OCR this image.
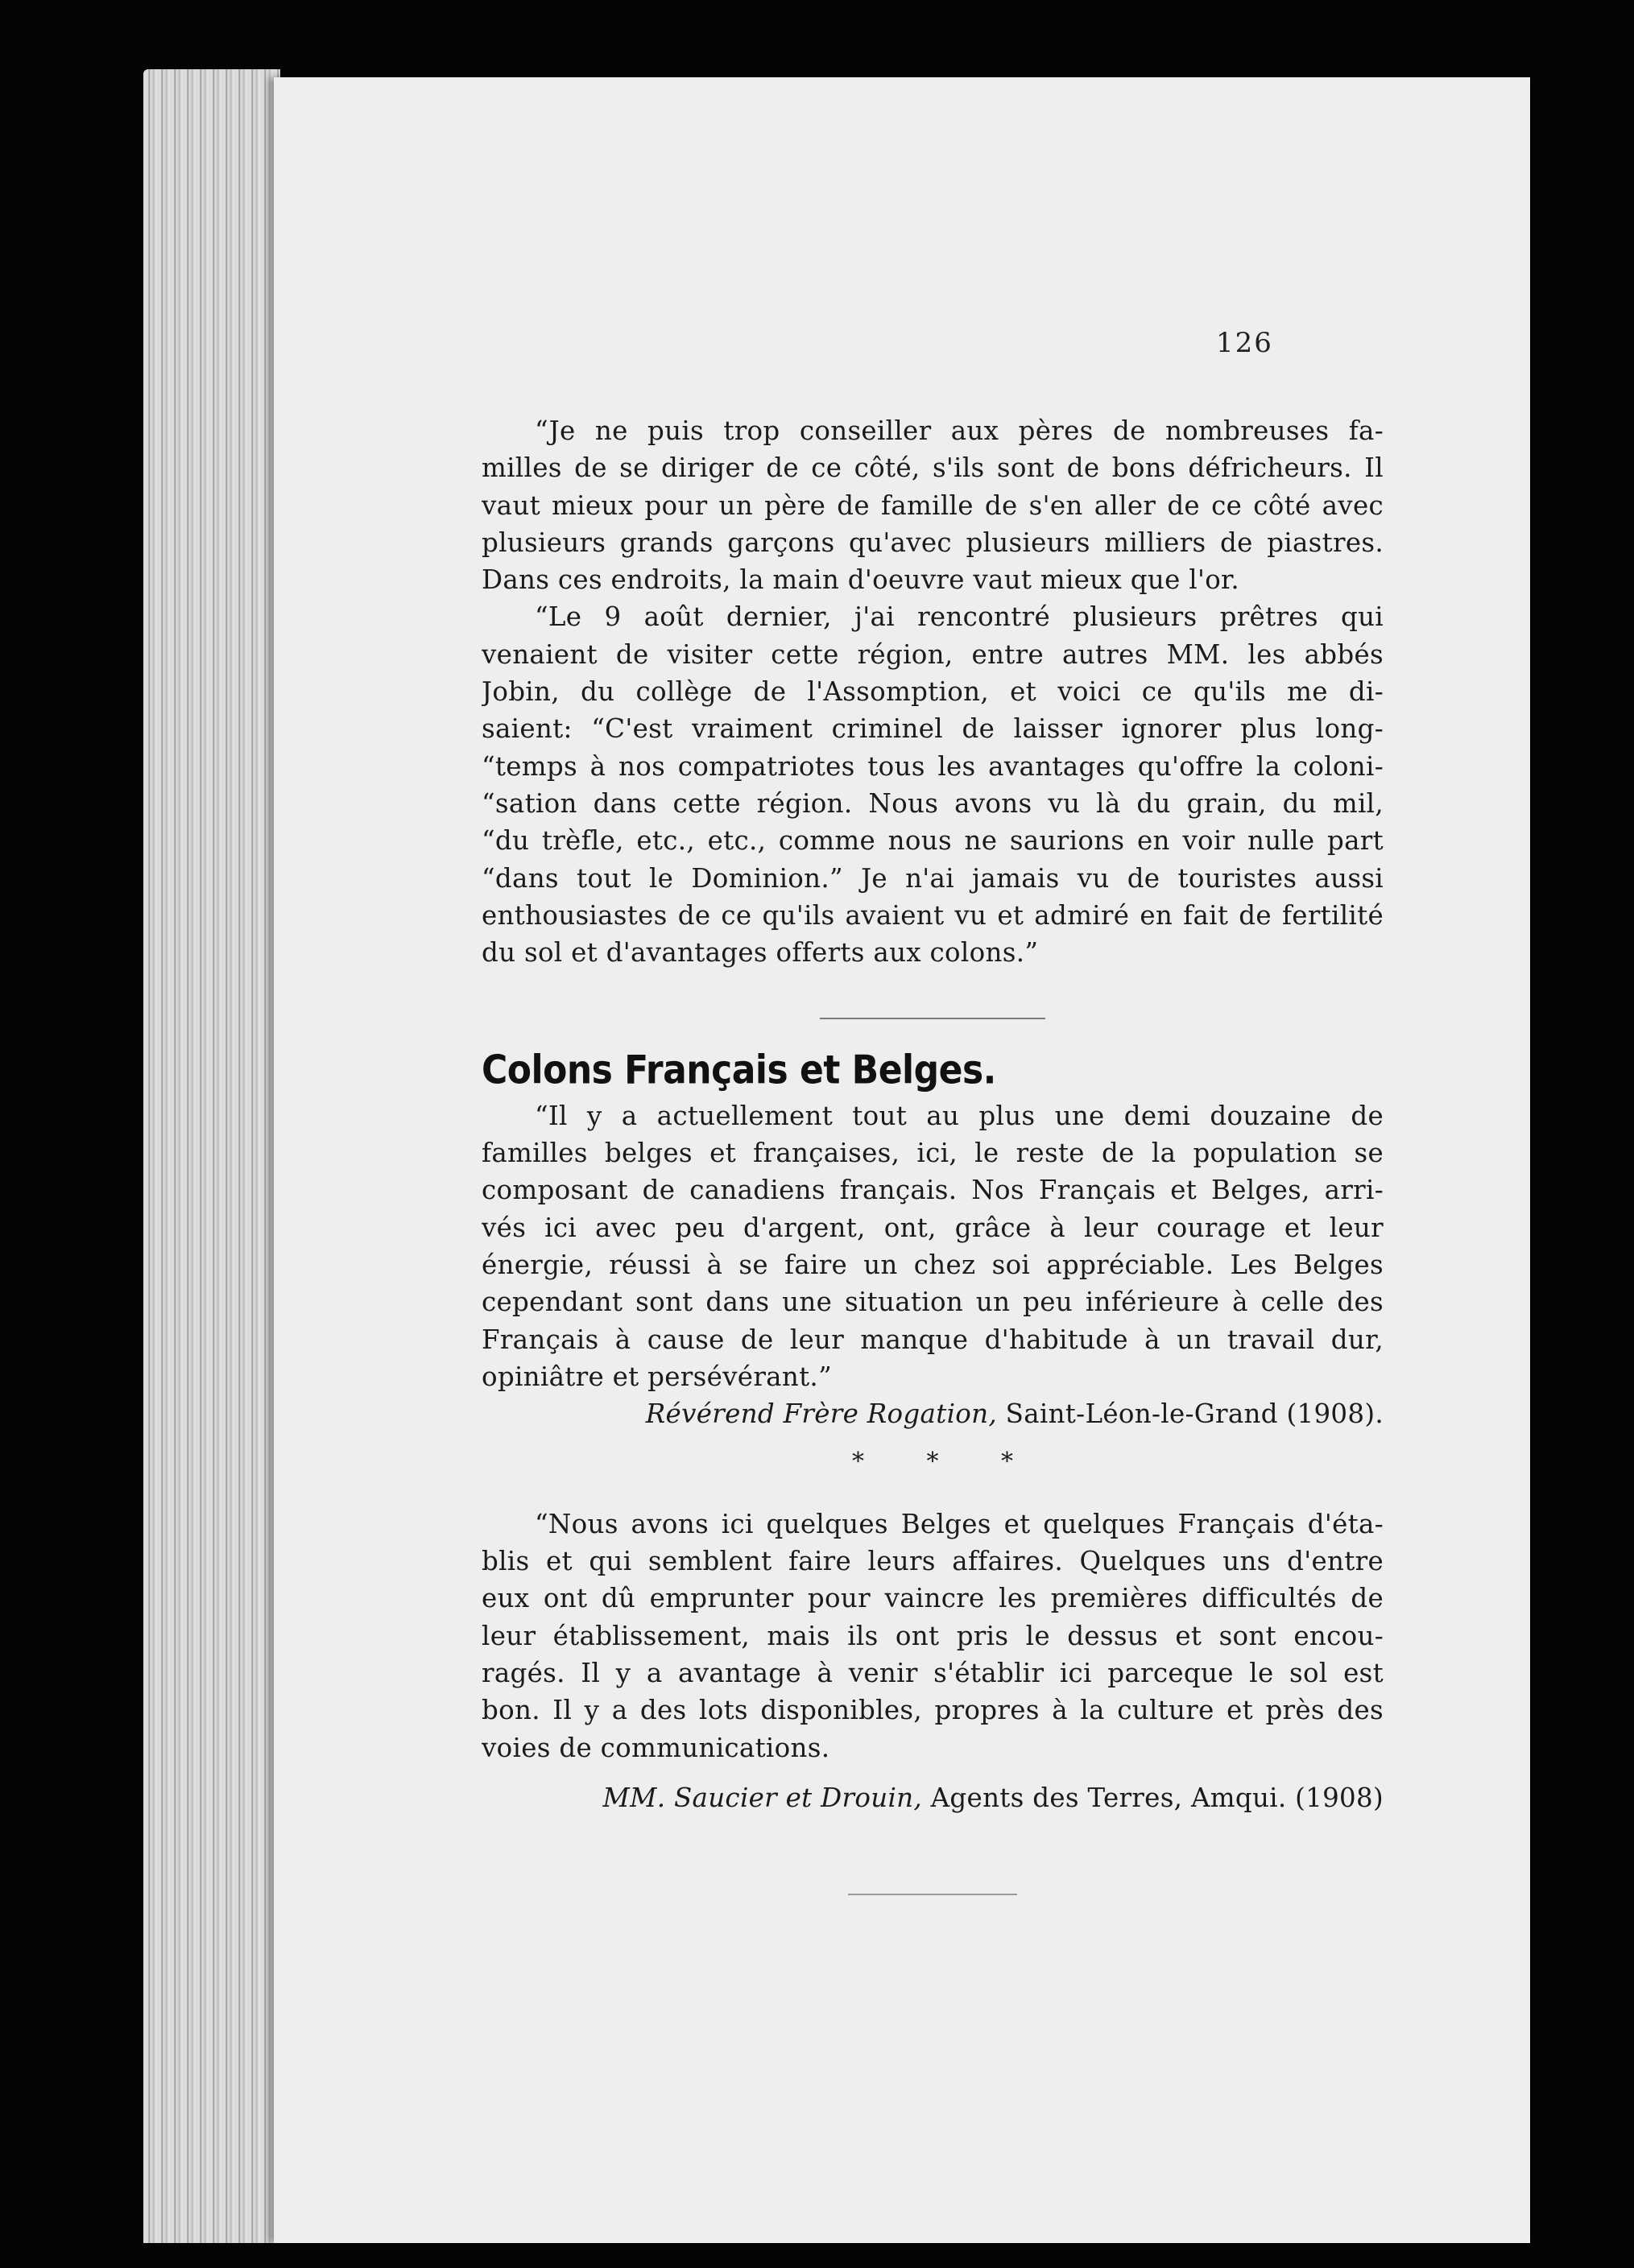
126
“Je ne puis trop conseiller aux pères de nombreuses fa-
milles de se diriger de ce côté, s'ils sont de bons défricheurs. Il
vaut mieux pour un père de famille de s'en aller de ce côté avec
plusieurs grands garçons qu'avec plusieurs milliers de piastres.
Dans ces endroits, la main d'oeuvre vaut mieux que l'or.
“Le 9 août dernier, j'ai rencontré plusieurs prêtres qui
venaient de visiter cette région, entre autres MM. les abbés
Jobin, du collège de l'Assomption, et voici ce qu'ils me di-
saient: “C'est vraiment criminel de laisser ignorer plus long-
“temps à nos compatriotes tous les avantages qu'offre la coloni-
“sation dans cette région. Nous avons vu là du grain, du mil,
“du trèfle, etc., etc., comme nous ne saurions en voir nulle part
“dans tout le Dominion.” Je n'ai jamais vu de touristes aussi
enthousiastes de ce qu'ils avaient vu et admiré en fait de fertilité
du sol et d'avantages offerts aux colons.”
Colons Français et Belges.
“Il y a actuellement tout au plus une demi douzaine de
familles belges et françaises, ici, le reste de la population se
composant de canadiens français. Nos Français et Belges, arri-
vés ici avec peu d'argent, ont, grâce à leur courage et leur
énergie, réussi à se faire un chez soi appréciable. Les Belges
cependant sont dans une situation un peu inférieure à celle des
Français à cause de leur manque d'habitude à un travail dur,
opiniâtre et persévérant.”
Révérend Frère Rogation, Saint-Léon-le-Grand (1908).
* * *
“Nous avons ici quelques Belges et quelques Français d'éta-
blis et qui semblent faire leurs affaires. Quelques uns d'entre
eux ont dû emprunter pour vaincre les premières difficultés de
leur établissement, mais ils ont pris le dessus et sont encou-
ragés. Il y a avantage à venir s'établir ici parceque le sol est
bon. Il y a des lots disponibles, propres à la culture et près des
voies de communications.
MM. Saucier et Drouin, Agents des Terres, Amqui. (1908)
